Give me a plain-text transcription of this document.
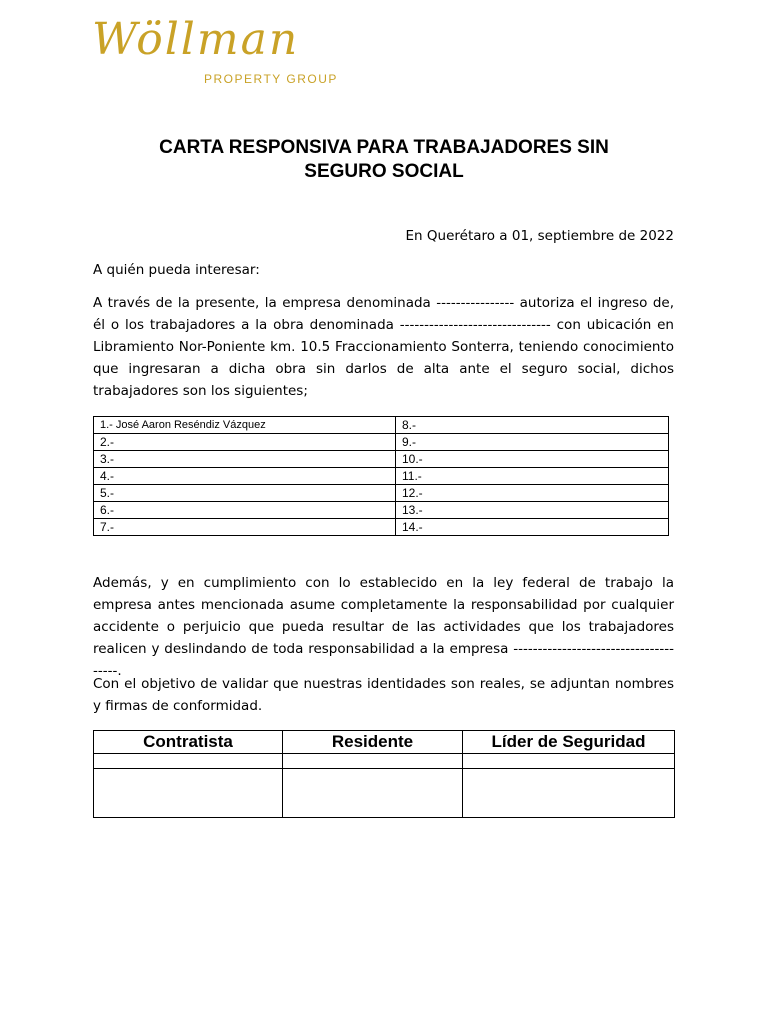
Wöllman
PROPERTY GROUP
CARTA RESPONSIVA PARA TRABAJADORES SIN
SEGURO SOCIAL
En Querétaro a 01, septiembre de 2022
A quién pueda interesar:

A través de la presente, la empresa denominada ---------------- autoriza el ingreso de, él o los trabajadores a la obra denominada ------------------------------- con ubicación en Libramiento Nor-Poniente km. 10.5 Fraccionamiento Sonterra, teniendo conocimiento que ingresaran a dicha obra sin darlos de alta ante el seguro social, dichos trabajadores son los siguientes;

1.- José Aaron Reséndiz Vázquez	8.-
2.-	9.-
3.-	10.-
4.-	11.-
5.-	12.-
6.-	13.-
7.-	14.-

Además, y en cumplimiento con lo establecido en la ley federal de trabajo la empresa antes mencionada asume completamente la responsabilidad por cualquier accidente o perjuicio que pueda resultar de las actividades que los trabajadores realicen y deslindando de toda responsabilidad a la empresa --------------------------------------.

Con el objetivo de validar que nuestras identidades son reales, se adjuntan nombres y firmas de conformidad.

Contratista	Residente	Líder de Seguridad
